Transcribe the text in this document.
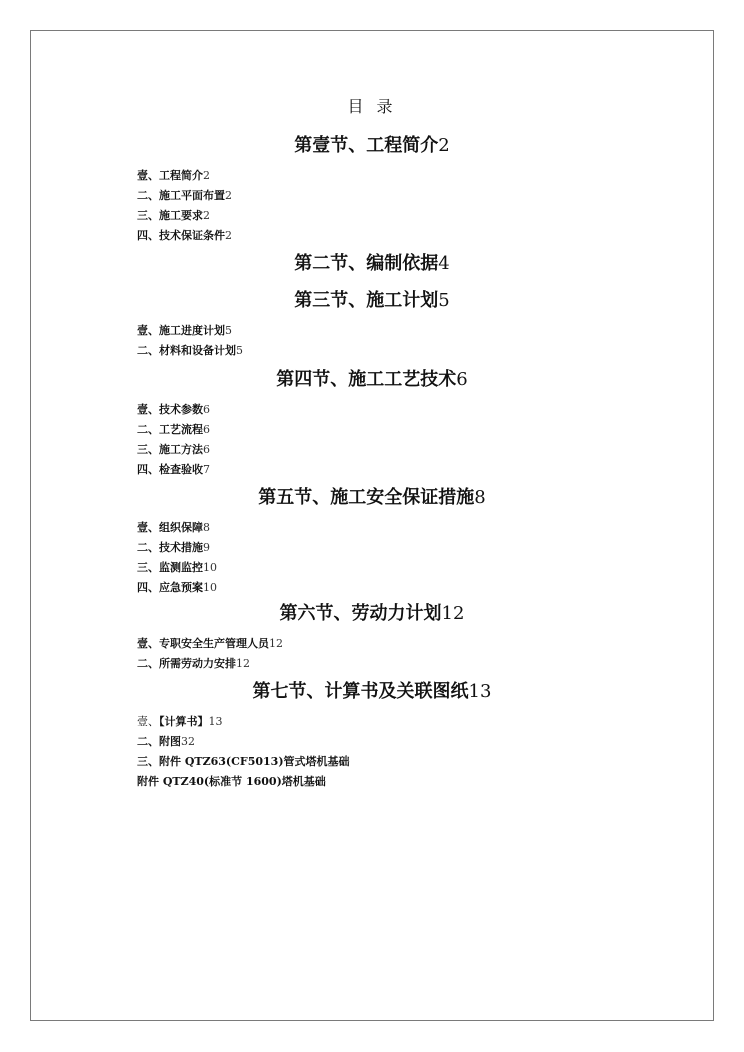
目 录
第壹节、工程简介2
壹、工程简介2
二、施工平面布置2
三、施工要求2
四、技术保证条件2
第二节、编制依据4
第三节、施工计划5
壹、施工进度计划5
二、材料和设备计划5
第四节、施工工艺技术6
壹、技术参数6
二、工艺流程6
三、施工方法6
四、检查验收7
第五节、施工安全保证措施8
壹、组织保障8
二、技术措施9
三、监测监控10
四、应急预案10
第六节、劳动力计划12
壹、专职安全生产管理人员12
二、所需劳动力安排12
第七节、计算书及关联图纸13
壹、【计算书】13
二、附图32
三、附件 QTZ63(CF5013)管式塔机基础
附件 QTZ40(标准节 1600)塔机基础
